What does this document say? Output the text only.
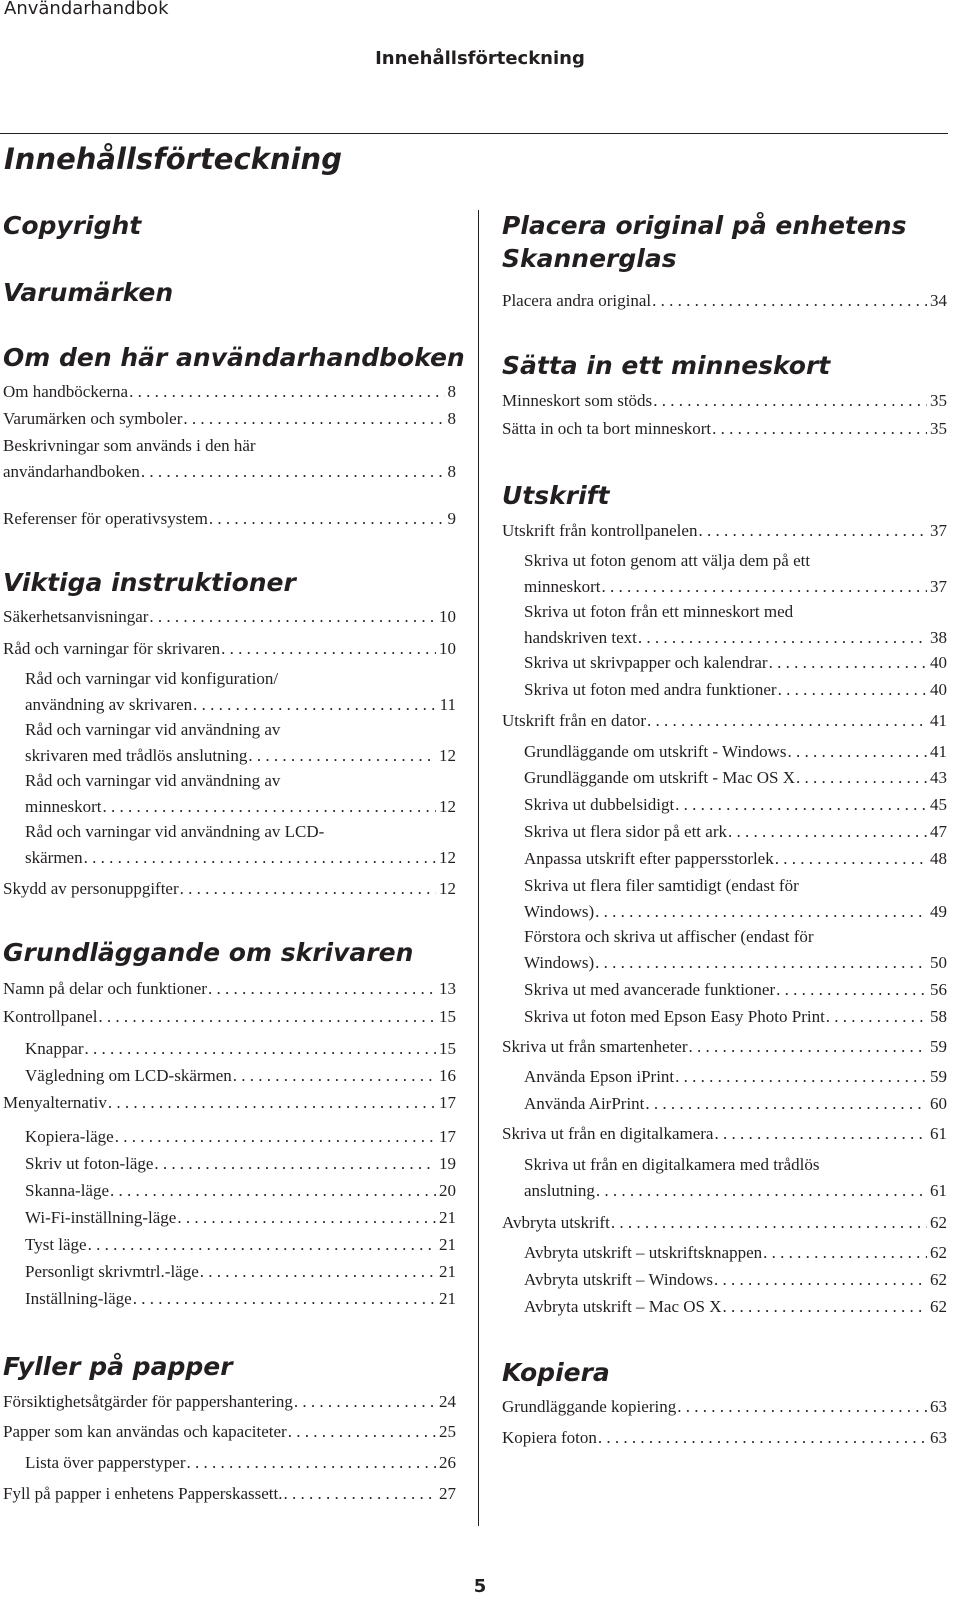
Användarhandbok
Innehållsförteckning
Innehållsförteckning
Copyright
Varumärken
Om den här användarhandboken
Om handböckerna . . .	8
Varumärken och symboler . . .	8
Beskrivningar som används i den här
användarhandboken . . .	8
Referenser för operativsystem . . .	9
Viktiga instruktioner
Säkerhetsanvisningar . . .	10
Råd och varningar för skrivaren . . .	10
Råd och varningar vid konfiguration/
användning av skrivaren . . .	11
Råd och varningar vid användning av
skrivaren med trådlös anslutning . . .	12
Råd och varningar vid användning av
minneskort . . .	12
Råd och varningar vid användning av LCD-
skärmen . . .	12
Skydd av personuppgifter . . .	12
Grundläggande om skrivaren
Namn på delar och funktioner . . .	13
Kontrollpanel . . .	15
Knappar . . .	15
Vägledning om LCD-skärmen . . .	16
Menyalternativ . . .	17
Kopiera-läge . . .	17
Skriv ut foton-läge . . .	19
Skanna-läge . . .	20
Wi-Fi-inställning-läge . . .	21
Tyst läge . . .	21
Personligt skrivmtrl.-läge . . .	21
Inställning-läge . . .	21
Fyller på papper
Försiktighetsåtgärder för pappershantering . . .	24
Papper som kan användas och kapaciteter . . .	25
Lista över papperstyper . . .	26
Fyll på papper i enhetens Papperskassett. . . .	27
Placera original på enhetens
Skannerglas
Placera andra original . . .	34
Sätta in ett minneskort
Minneskort som stöds . . .	35
Sätta in och ta bort minneskort . . .	35
Utskrift
Utskrift från kontrollpanelen . . .	37
Skriva ut foton genom att välja dem på ett
minneskort . . .	37
Skriva ut foton från ett minneskort med
handskriven text . . .	38
Skriva ut skrivpapper och kalendrar . . .	40
Skriva ut foton med andra funktioner . . .	40
Utskrift från en dator . . .	41
Grundläggande om utskrift - Windows . . .	41
Grundläggande om utskrift - Mac OS X . . .	43
Skriva ut dubbelsidigt . . .	45
Skriva ut flera sidor på ett ark . . .	47
Anpassa utskrift efter pappersstorlek . . .	48
Skriva ut flera filer samtidigt (endast för
Windows) . . .	49
Förstora och skriva ut affischer (endast för
Windows) . . .	50
Skriva ut med avancerade funktioner . . .	56
Skriva ut foton med Epson Easy Photo Print . . .	58
Skriva ut från smartenheter . . .	59
Använda Epson iPrint . . .	59
Använda AirPrint . . .	60
Skriva ut från en digitalkamera . . .	61
Skriva ut från en digitalkamera med trådlös
anslutning . . .	61
Avbryta utskrift . . .	62
Avbryta utskrift – utskriftsknappen . . .	62
Avbryta utskrift – Windows . . .	62
Avbryta utskrift – Mac OS X . . .	62
Kopiera
Grundläggande kopiering . . .	63
Kopiera foton . . .	63
5
